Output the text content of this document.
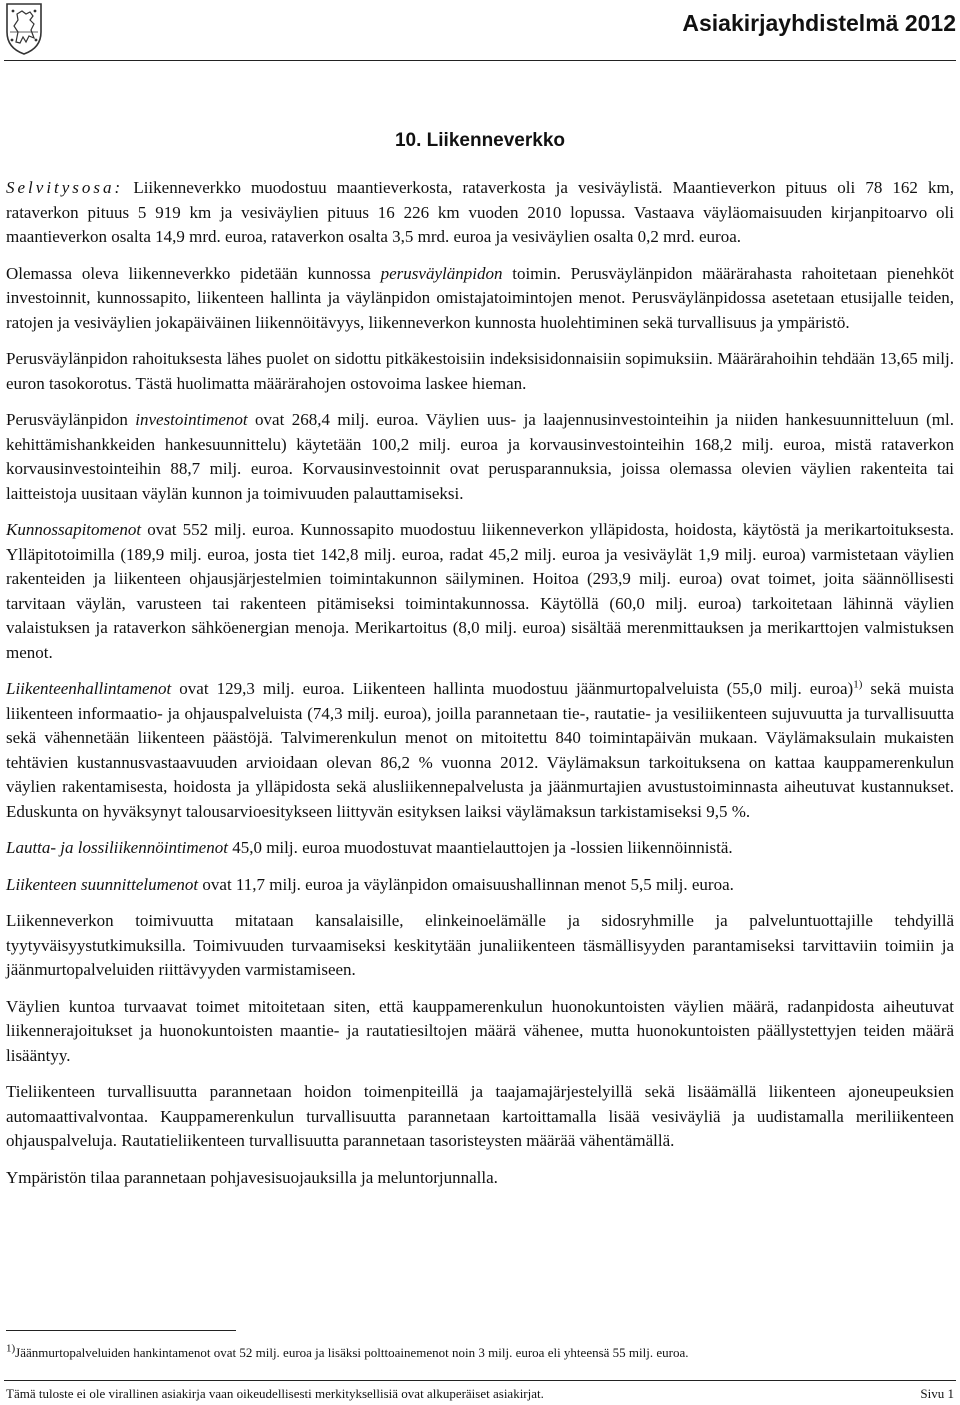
Asiakirjayhdistelmä 2012
10. Liikenneverkko

Selvitysosa: Liikenneverkko muodostuu maantieverkosta, rataverkosta ja vesiväylistä. Maantieverkon pituus oli 78 162 km, rataverkon pituus 5 919 km ja vesiväylien pituus 16 226 km vuoden 2010 lopussa. Vastaava väyläomaisuuden kirjanpitoarvo oli maantieverkon osalta 14,9 mrd. euroa, rataverkon osalta 3,5 mrd. euroa ja vesiväylien osalta 0,2 mrd. euroa.

Olemassa oleva liikenneverkko pidetään kunnossa perusväylänpidon toimin. Perusväylänpidon määrärahasta rahoitetaan pienehköt investoinnit, kunnossapito, liikenteen hallinta ja väylänpidon omistajatoimintojen menot. Perusväylänpidossa asetetaan etusijalle teiden, ratojen ja vesiväylien jokapäiväinen liikennöitävyys, liikenneverkon kunnosta huolehtiminen sekä turvallisuus ja ympäristö.

Perusväylänpidon rahoituksesta lähes puolet on sidottu pitkäkestoisiin indeksisidonnaisiin sopimuksiin. Määrärahoihin tehdään 13,65 milj. euron tasokorotus. Tästä huolimatta määrärahojen ostovoima laskee hieman.

Perusväylänpidon investointimenot ovat 268,4 milj. euroa. Väylien uus- ja laajennusinvestointeihin ja niiden hankesuunnitteluun (ml. kehittämishankkeiden hankesuunnittelu) käytetään 100,2 milj. euroa ja korvausinvestointeihin 168,2 milj. euroa, mistä rataverkon korvausinvestointeihin 88,7 milj. euroa. Korvausinvestoinnit ovat perusparannuksia, joissa olemassa olevien väylien rakenteita tai laitteistoja uusitaan väylän kunnon ja toimivuuden palauttamiseksi.

Kunnossapitomenot ovat 552 milj. euroa. Kunnossapito muodostuu liikenneverkon ylläpidosta, hoidosta, käytöstä ja merikartoituksesta. Ylläpitotoimilla (189,9 milj. euroa, josta tiet 142,8 milj. euroa, radat 45,2 milj. euroa ja vesiväylät 1,9 milj. euroa) varmistetaan väylien rakenteiden ja liikenteen ohjausjärjestelmien toimintakunnon säilyminen. Hoitoa (293,9 milj. euroa) ovat toimet, joita säännöllisesti tarvitaan väylän, varusteen tai rakenteen pitämiseksi toimintakunnossa. Käytöllä (60,0 milj. euroa) tarkoitetaan lähinnä väylien valaistuksen ja rataverkon sähköenergian menoja. Merikartoitus (8,0 milj. euroa) sisältää merenmittauksen ja merikarttojen valmistuksen menot.

Liikenteenhallintamenot ovat 129,3 milj. euroa. Liikenteen hallinta muodostuu jäänmurtopalveluista (55,0 milj. euroa)$^{1)}$ sekä muista liikenteen informaatio- ja ohjauspalveluista (74,3 milj. euroa), joilla parannetaan tie-, rautatie- ja vesiliikenteen sujuvuutta ja turvallisuutta sekä vähennetään liikenteen päästöjä. Talvimerenkulun menot on mitoitettu 840 toimintapäivän mukaan. Väylämaksulain mukaisten tehtävien kustannusvastaavuuden arvioidaan olevan 86,2 % vuonna 2012. Väylämaksun tarkoituksena on kattaa kauppamerenkulun väylien rakentamisesta, hoidosta ja ylläpidosta sekä alusliikennepalvelusta ja jäänmurtajien avustustoiminnasta aiheutuvat kustannukset. Eduskunta on hyväksynyt talousarvioesitykseen liittyvän esityksen laiksi väylämaksun tarkistamiseksi 9,5 %.

Lautta- ja lossiliikennöintimenot 45,0 milj. euroa muodostuvat maantielauttojen ja -lossien liikennöinnistä.

Liikenteen suunnittelumenot ovat 11,7 milj. euroa ja väylänpidon omaisuushallinnan menot 5,5 milj. euroa.

Liikenneverkon toimivuutta mitataan kansalaisille, elinkeinoelämälle ja sidosryhmille ja palveluntuottajille tehdyillä tyytyväisyystutkimuksilla. Toimivuuden turvaamiseksi keskitytään junaliikenteen täsmällisyyden parantamiseksi tarvittaviin toimiin ja jäänmurtopalveluiden riittävyyden varmistamiseen.

Väylien kuntoa turvaavat toimet mitoitetaan siten, että kauppamerenkulun huonokuntoisten väylien määrä, radanpidosta aiheutuvat liikennerajoitukset ja huonokuntoisten maantie- ja rautatiesiltojen määrä vähenee, mutta huonokuntoisten päällystettyjen teiden määrä lisääntyy.

Tieliikenteen turvallisuutta parannetaan hoidon toimenpiteillä ja taajamajärjestelyillä sekä lisäämällä liikenteen ajoneupeuksien automaattivalvontaa. Kauppamerenkulun turvallisuutta parannetaan kartoittamalla lisää vesiväyliä ja uudistamalla meriliikenteen ohjauspalveluja. Rautatieliikenteen turvallisuutta parannetaan tasoristeysten määrää vähentämällä.

Ympäristön tilaa parannetaan pohjavesisuojauksilla ja meluntorjunnalla.

$^{1)}$Jäänmurtopalveluiden hankintamenot ovat 52 milj. euroa ja lisäksi polttoainemenot noin 3 milj. euroa eli yhteensä 55 milj. euroa.
Tämä tuloste ei ole virallinen asiakirja vaan oikeudellisesti merkityksellisiä ovat alkuperäiset asiakirjat.	Sivu 1
